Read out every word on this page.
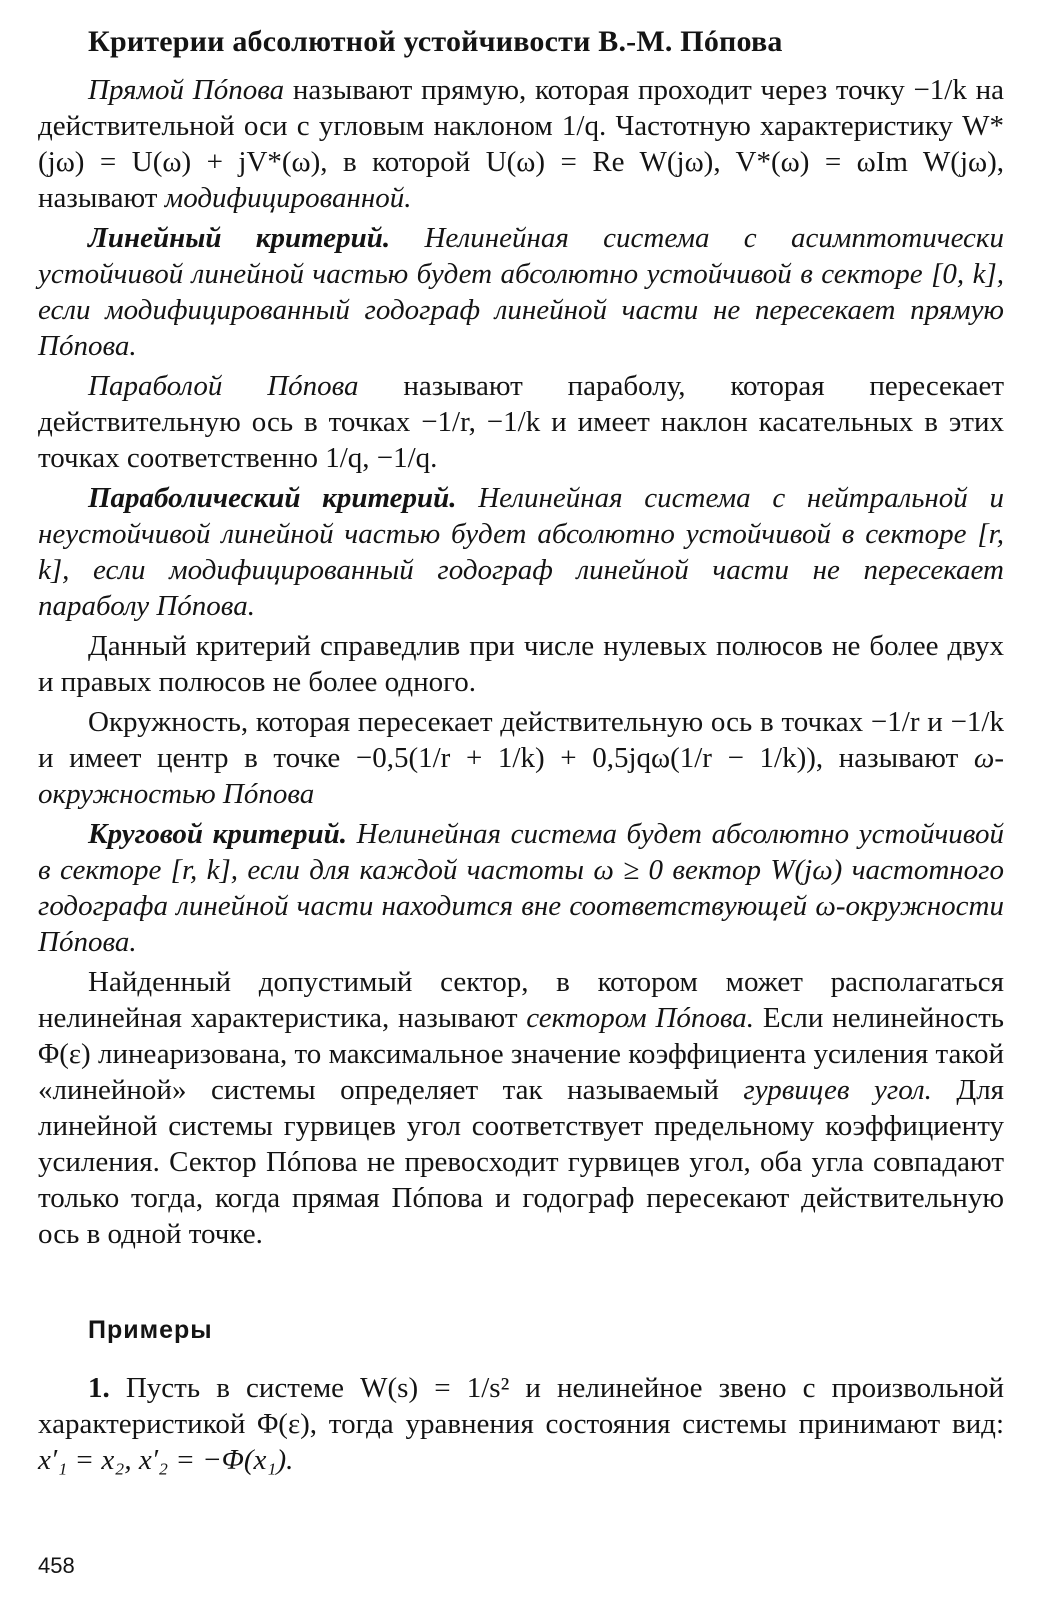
Критерии абсолютной устойчивости В.-М. Пóпова

Прямой Пóпова называют прямую, которая проходит через точку −1/k на действительной оси с угловым наклоном 1/q. Частотную характеристику W*(jω) = U(ω) + jV*(ω), в которой U(ω) = Re W(jω), V*(ω) = ωIm W(jω), называют модифицированной.

Линейный критерий. Нелинейная система с асимптотически устойчивой линейной частью будет абсолютно устойчивой в секторе [0, k], если модифицированный годограф линейной части не пересекает прямую Пóпова.

Параболой Пóпова называют параболу, которая пересекает действительную ось в точках −1/r, −1/k и имеет наклон касательных в этих точках соответственно 1/q, −1/q.

Параболический критерий. Нелинейная система с нейтральной и неустойчивой линейной частью будет абсолютно устойчивой в секторе [r, k], если модифицированный годограф линейной части не пересекает параболу Пóпова.

Данный критерий справедлив при числе нулевых полюсов не более двух и правых полюсов не более одного.

Окружность, которая пересекает действительную ось в точках −1/r и −1/k и имеет центр в точке −0,5(1/r + 1/k) + 0,5jqω(1/r − 1/k)), называют ω-окружностью Пóпова

Круговой критерий. Нелинейная система будет абсолютно устойчивой в секторе [r, k], если для каждой частоты ω ≥ 0 вектор W(jω) частотного годографа линейной части находится вне соответствующей ω-окружности Пóпова.

Найденный допустимый сектор, в котором может располагаться нелинейная характеристика, называют сектором Пóпова. Если нелинейность Φ(ε) линеаризована, то максимальное значение коэффициента усиления такой «линейной» системы определяет так называемый гурвицев угол. Для линейной системы гурвицев угол соответствует предельному коэффициенту усиления. Сектор Пóпова не превосходит гурвицев угол, оба угла совпадают только тогда, когда прямая Пóпова и годограф пересекают действительную ось в одной точке.

Примеры

1. Пусть в системе W(s) = 1/s² и нелинейное звено с произвольной характеристикой Φ(ε), тогда уравнения состояния системы принимают вид: x′₁ = x₂, x′₂ = −Φ(x₁).

458
